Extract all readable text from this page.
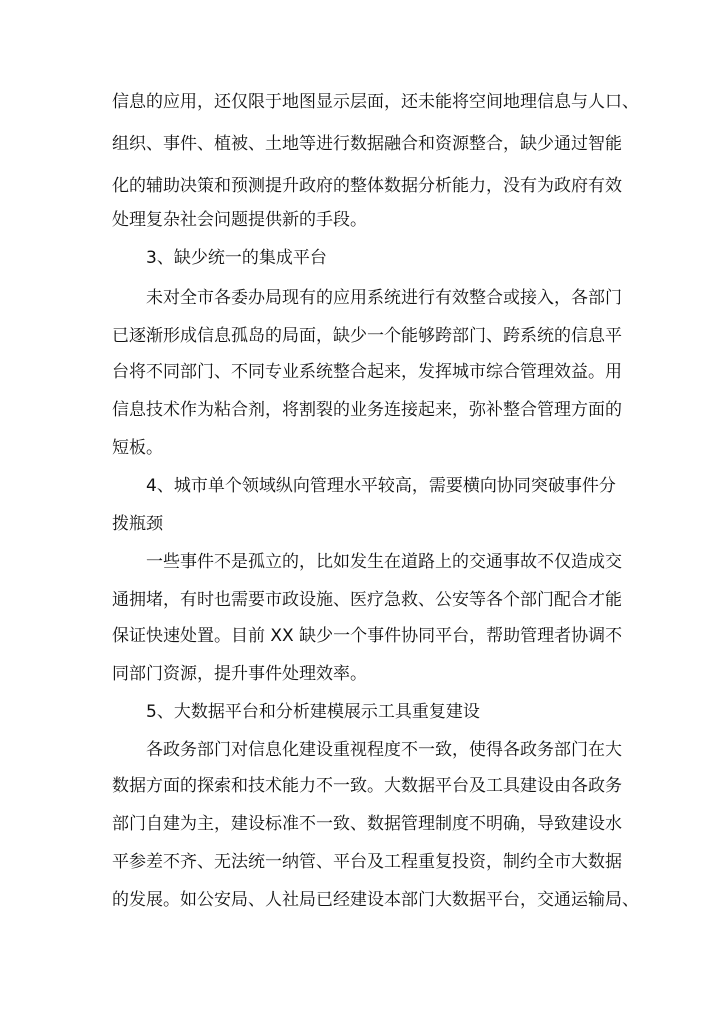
信息的应用，还仅限于地图显示层面，还未能将空间地理信息与人口、
组织、事件、植被、土地等进行数据融合和资源整合，缺少通过智能
化的辅助决策和预测提升政府的整体数据分析能力，没有为政府有效
处理复杂社会问题提供新的手段。
3、缺少统一的集成平台
未对全市各委办局现有的应用系统进行有效整合或接入，各部门
已逐渐形成信息孤岛的局面，缺少一个能够跨部门、跨系统的信息平
台将不同部门、不同专业系统整合起来，发挥城市综合管理效益。用
信息技术作为粘合剂，将割裂的业务连接起来，弥补整合管理方面的
短板。
4、城市单个领域纵向管理水平较高，需要横向协同突破事件分
拨瓶颈
一些事件不是孤立的，比如发生在道路上的交通事故不仅造成交
通拥堵，有时也需要市政设施、医疗急救、公安等各个部门配合才能
保证快速处置。目前 XX 缺少一个事件协同平台，帮助管理者协调不
同部门资源，提升事件处理效率。
5、大数据平台和分析建模展示工具重复建设
各政务部门对信息化建设重视程度不一致，使得各政务部门在大
数据方面的探索和技术能力不一致。大数据平台及工具建设由各政务
部门自建为主，建设标准不一致、数据管理制度不明确，导致建设水
平参差不齐、无法统一纳管、平台及工程重复投资，制约全市大数据
的发展。如公安局、人社局已经建设本部门大数据平台，交通运输局、
